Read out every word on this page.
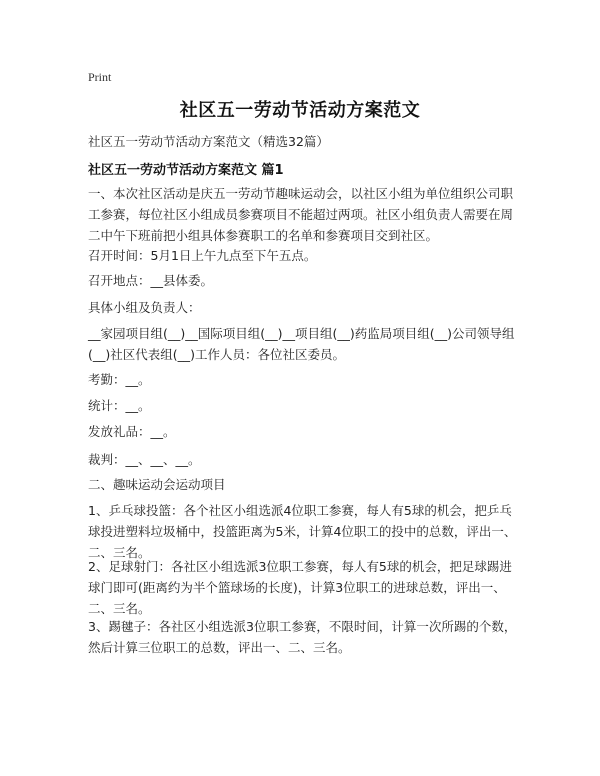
Print
社区五一劳动节活动方案范文
社区五一劳动节活动方案范文（精选32篇）
社区五一劳动节活动方案范文 篇1

一、本次社区活动是庆五一劳动节趣味运动会，以社区小组为单位组织公司职工参赛，每位社区小组成员参赛项目不能超过两项。社区小组负责人需要在周二中午下班前把小组具体参赛职工的名单和参赛项目交到社区。

召开时间：5月1日上午九点至下午五点。
召开地点：__县体委。
具体小组及负责人：

__家园项目组(__)__国际项目组(__)__项目组(__)药监局项目组(__)公司领导组(__)社区代表组(__)工作人员：各位社区委员。

考勤：__。
统计：__。
发放礼品：__。
裁判：__、__、__。
二、趣味运动会运动项目

1、乒乓球投篮：各个社区小组选派4位职工参赛，每人有5球的机会，把乒乓球投进塑料垃圾桶中，投篮距离为5米，计算4位职工的投中的总数，评出一、二、三名。

2、足球射门：各社区小组选派3位职工参赛，每人有5球的机会，把足球踢进球门即可(距离约为半个篮球场的长度)，计算3位职工的进球总数，评出一、二、三名。

3、踢毽子：各社区小组选派3位职工参赛，不限时间，计算一次所踢的个数，然后计算三位职工的总数，评出一、二、三名。
